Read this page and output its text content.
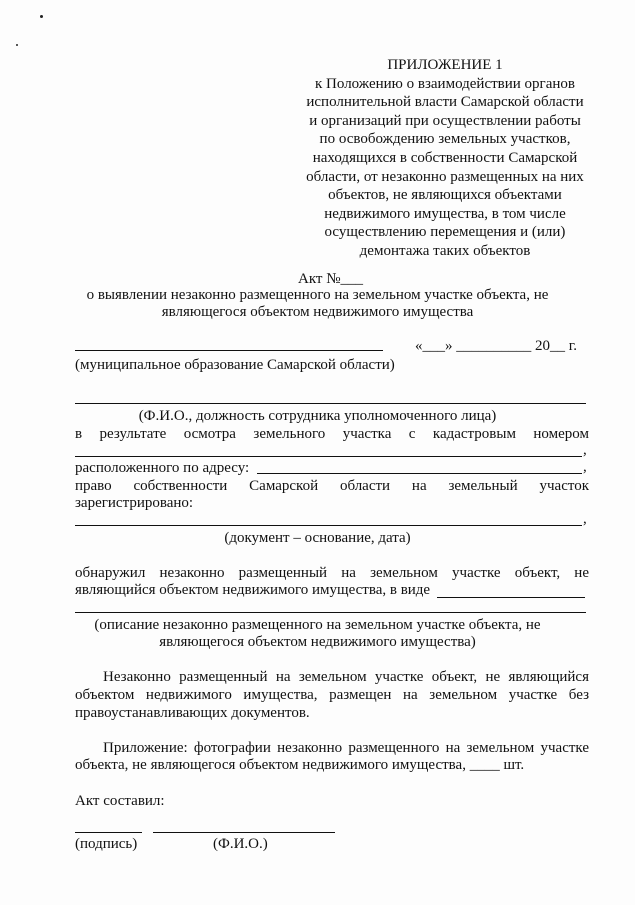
ПРИЛОЖЕНИЕ 1
к Положению о взаимодействии органов
исполнительной власти Самарской области
и организаций при осуществлении работы
по освобождению земельных участков,
находящихся в собственности Самарской
области, от незаконно размещенных на них
объектов, не являющихся объектами
недвижимого имущества, в том числе
осуществлению перемещения и (или)
демонтажа таких объектов
Акт №___
о выявлении незаконно размещенного на земельном участке объекта, не
являющегося объектом недвижимого имущества
«___» __________ 20__ г.
(муниципальное образование Самарской области)
(Ф.И.О., должность сотрудника уполномоченного лица)
в результате осмотра земельного участка с кадастровым номером
,
расположенного по адресу:	,
право собственности Самарской области на земельный участок
зарегистрировано:
,
(документ – основание, дата)
обнаружил незаконно размещенный на земельном участке объект, не
являющийся объектом недвижимого имущества, в виде
(описание незаконно размещенного на земельном участке объекта, не
являющегося объектом недвижимого имущества)
Незаконно размещенный на земельном участке объект, не являющийся
объектом недвижимого имущества, размещен на земельном участке без
правоустанавливающих документов.
Приложение: фотографии незаконно размещенного на земельном участке
объекта, не являющегося объектом недвижимого имущества, ____ шт.
Акт составил:
(подпись)	(Ф.И.О.)
